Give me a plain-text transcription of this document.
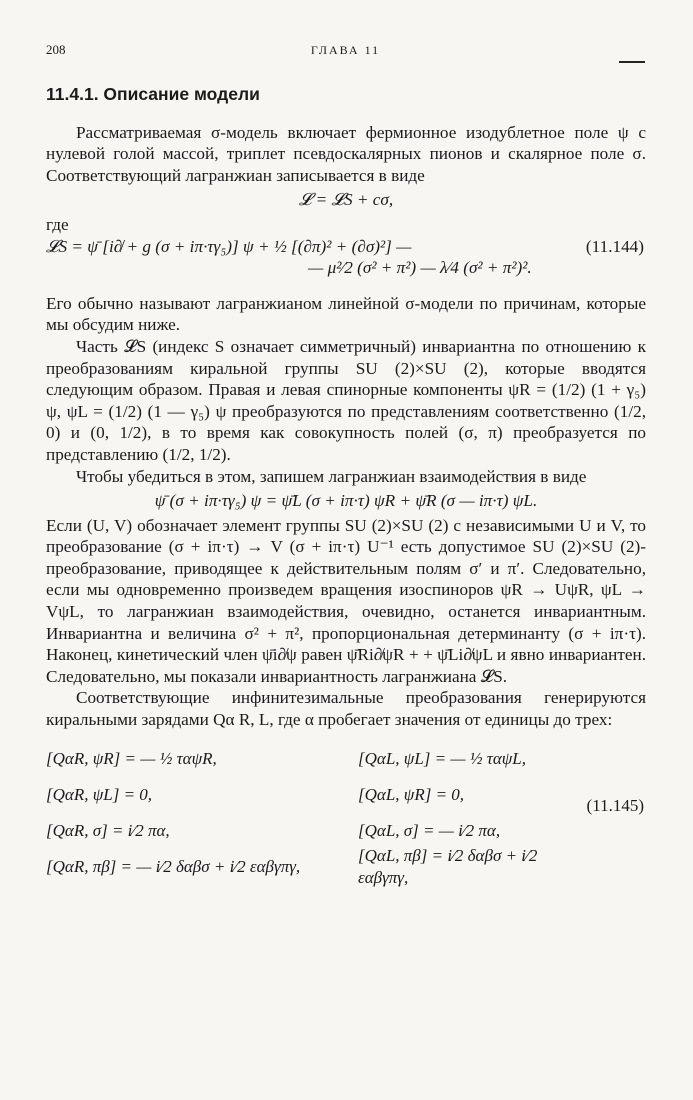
208	ГЛАВА 11
11.4.1. Описание модели

Рассматриваемая σ-модель включает фермионное изодублетное поле ψ с нулевой голой массой, триплет псевдоскалярных пионов и скалярное поле σ. Соответствующий лагранжиан записывается в виде

𝓛 = 𝓛S + cσ,

где

𝓛S = ψ̄ [i∂̸ + g (σ + iπ·τγ₅)] ψ + ½ [(∂π)² + (∂σ)²] —	(11.144)
— μ²⁄2 (σ² + π²) — λ⁄4 (σ² + π²)².

Его обычно называют лагранжианом линейной σ-модели по причинам, которые мы обсудим ниже.

Часть 𝓛S (индекс S означает симметричный) инвариантна по отношению к преобразованиям киральной группы SU (2)×SU (2), которые вводятся следующим образом. Правая и левая спинорные компоненты ψR = (1/2) (1 + γ₅) ψ, ψL = (1/2) (1 — γ₅) ψ преобразуются по представлениям соответственно (1/2, 0) и (0, 1/2), в то время как совокупность полей (σ, π) преобразуется по представлению (1/2, 1/2).

Чтобы убедиться в этом, запишем лагранжиан взаимодействия в виде

ψ̄ (σ + iπ·τγ₅) ψ = ψ̄L (σ + iπ·τ) ψR + ψ̄R (σ — iπ·τ) ψL.

Если (U, V) обозначает элемент группы SU (2)×SU (2) с независимыми U и V, то преобразование (σ + iπ·τ) → V (σ + iπ·τ) U⁻¹ есть допустимое SU (2)×SU (2)-преобразование, приводящее к действительным полям σ′ и π′. Следовательно, если мы одновременно произведем вращения изоспиноров ψR → UψR, ψL → VψL, то лагранжиан взаимодействия, очевидно, останется инвариантным. Инвариантна и величина σ² + π², пропорциональная детерминанту (σ + iπ·τ). Наконец, кинетический член ψ̄i∂̸ψ равен ψ̄Ri∂̸ψR + + ψ̄Li∂̸ψL и явно инвариантен. Следовательно, мы показали инвариантность лагранжиана 𝓛S.

Соответствующие инфинитезимальные преобразования генерируются киральными зарядами Qα R, L, где α пробегает значения от единицы до трех:

[QαR, ψR] = — ½ ταψR,	[QαL, ψL] = — ½ ταψL,
[QαR, ψL] = 0,	[QαL, ψR] = 0,
[QαR, σ] = i⁄2 πα,	[QαL, σ] = — i⁄2 πα,
[QαR, πβ] = — i⁄2 δαβσ + i⁄2 εαβγπγ,
[QαL, πβ] = i⁄2 δαβσ + i⁄2 εαβγπγ,
(11.145)
